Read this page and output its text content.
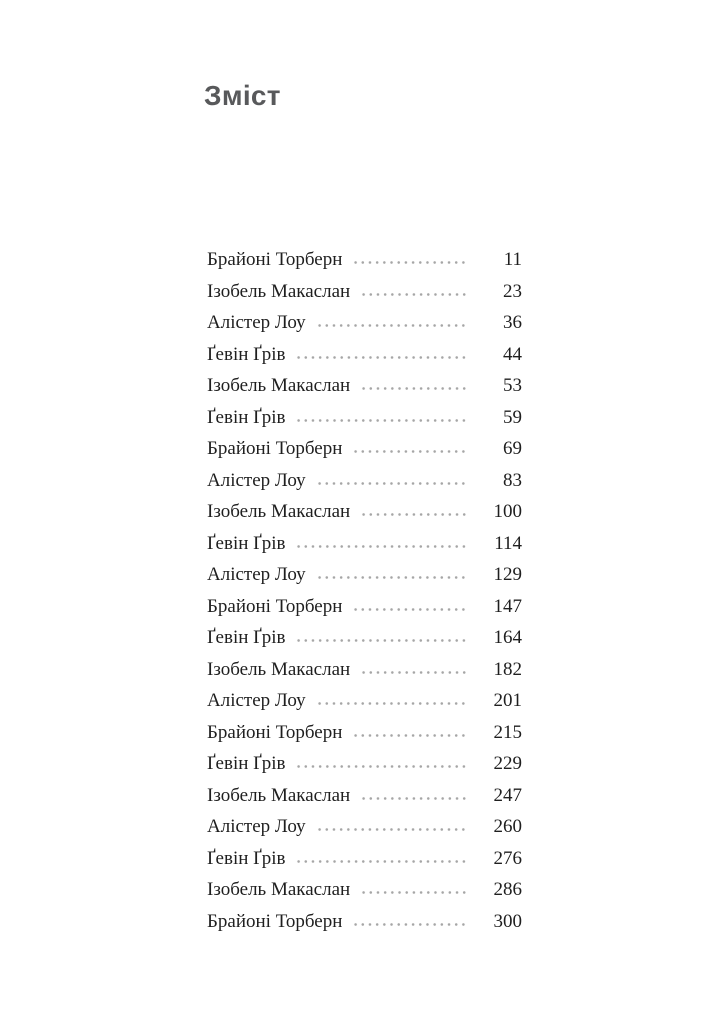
Зміст
Брайоні Торберн	11
Ізобель Макаслан	23
Алістер Лоу	36
Ґевін Ґрів	44
Ізобель Макаслан	53
Ґевін Ґрів	59
Брайоні Торберн	69
Алістер Лоу	83
Ізобель Макаслан	100
Ґевін Ґрів	114
Алістер Лоу	129
Брайоні Торберн	147
Ґевін Ґрів	164
Ізобель Макаслан	182
Алістер Лоу	201
Брайоні Торберн	215
Ґевін Ґрів	229
Ізобель Макаслан	247
Алістер Лоу	260
Ґевін Ґрів	276
Ізобель Макаслан	286
Брайоні Торберн	300
